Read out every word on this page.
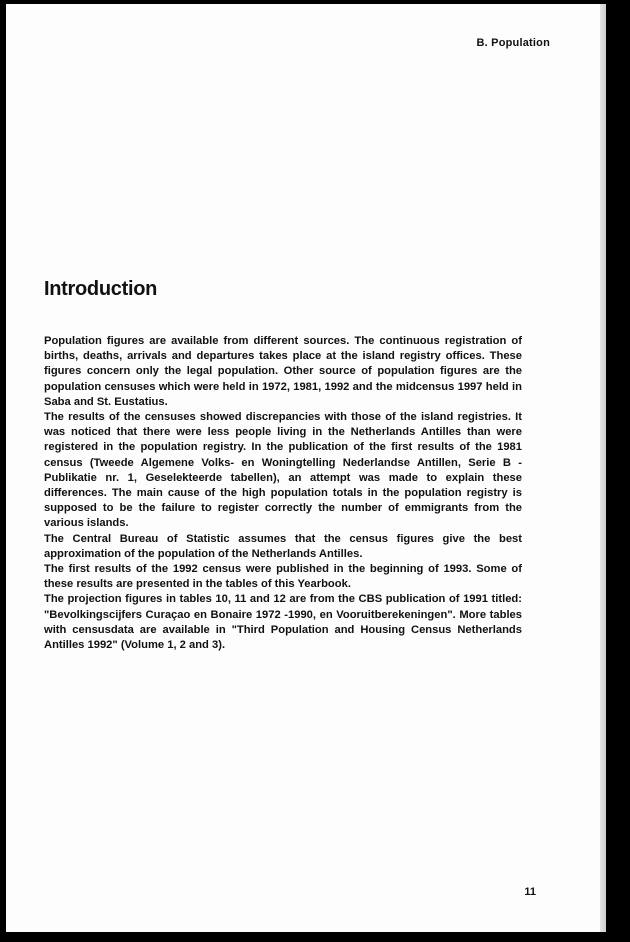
B. Population

Introduction

Population figures are available from different sources. The continuous registration of births, deaths, arrivals and departures takes place at the island registry offices. These figures concern only the legal population. Other source of population figures are the population censuses which were held in 1972, 1981, 1992 and the midcensus 1997 held in Saba and St. Eustatius.

The results of the censuses showed discrepancies with those of the island registries. It was noticed that there were less people living in the Netherlands Antilles than were registered in the population registry. In the publication of the first results of the 1981 census (Tweede Algemene Volks- en Woningtelling Nederlandse Antillen, Serie B - Publikatie nr. 1, Geselekteerde tabellen), an attempt was made to explain these differences. The main cause of the high population totals in the population registry is supposed to be the failure to register correctly the number of emmigrants from the various islands.

The Central Bureau of Statistic assumes that the census figures give the best approximation of the population of the Netherlands Antilles.

The first results of the 1992 census were published in the beginning of 1993. Some of these results are presented in the tables of this Yearbook.

The projection figures in tables 10, 11 and 12 are from the CBS publication of 1991 titled: "Bevolkingscijfers Curaçao en Bonaire 1972 -1990, en Vooruitberekeningen". More tables with censusdata are available in "Third Population and Housing Census Netherlands Antilles 1992" (Volume 1, 2 and 3).

11
